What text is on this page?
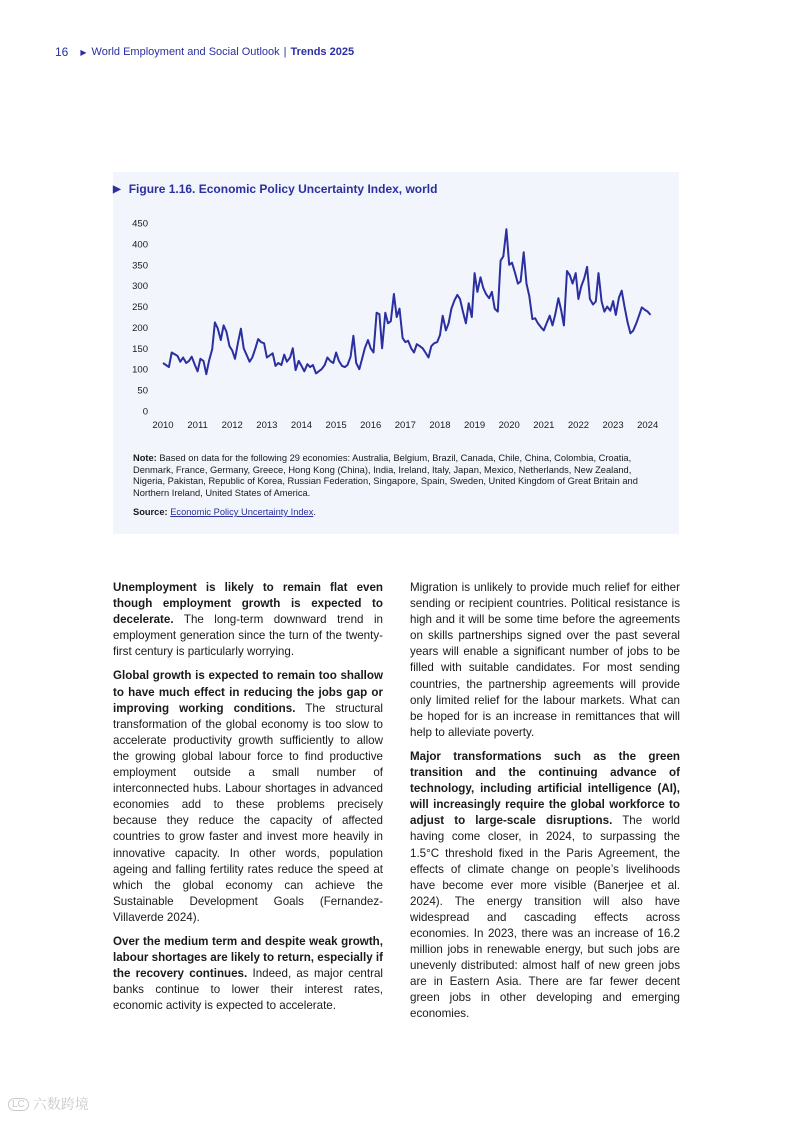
16 ▶ World Employment and Social Outlook | Trends 2025
▶ Figure 1.16. Economic Policy Uncertainty Index, world
0
50
100
150
200
250
300
350
400
450
2010 2011 2012 2013 2014 2015 2016 2017 2018 2019 2020 2021 2022 2023 2024
Note: Based on data for the following 29 economies: Australia, Belgium, Brazil, Canada, Chile, China, Colombia, Croatia, Denmark, France, Germany, Greece, Hong Kong (China), India, Ireland, Italy, Japan, Mexico, Netherlands, New Zealand, Nigeria, Pakistan, Republic of Korea, Russian Federation, Singapore, Spain, Sweden, United Kingdom of Great Britain and Northern Ireland, United States of America.
Source: Economic Policy Uncertainty Index.

Unemployment is likely to remain flat even though employment growth is expected to decelerate. The long-term downward trend in employment generation since the turn of the twenty-first century is particularly worrying.

Global growth is expected to remain too shallow to have much effect in reducing the jobs gap or improving working conditions. The structural transformation of the global economy is too slow to accelerate productivity growth sufficiently to allow the growing global labour force to find productive employment outside a small number of interconnected hubs. Labour shortages in advanced economies add to these problems precisely because they reduce the capacity of affected countries to grow faster and invest more heavily in innovative capacity. In other words, population ageing and falling fertility rates reduce the speed at which the global economy can achieve the Sustainable Development Goals (Fernandez-Villaverde 2024).

Over the medium term and despite weak growth, labour shortages are likely to return, especially if the recovery continues. Indeed, as major central banks continue to lower their interest rates, economic activity is expected to accelerate.

Migration is unlikely to provide much relief for either sending or recipient countries. Political resistance is high and it will be some time before the agreements on skills partnerships signed over the past several years will enable a significant number of jobs to be filled with suitable candidates. For most sending countries, the partnership agreements will provide only limited relief for the labour markets. What can be hoped for is an increase in remittances that will help to alleviate poverty.

Major transformations such as the green transition and the continuing advance of technology, including artificial intelligence (AI), will increasingly require the global workforce to adjust to large-scale disruptions. The world having come closer, in 2024, to surpassing the 1.5°C threshold fixed in the Paris Agreement, the effects of climate change on people’s livelihoods have become ever more visible (Banerjee et al. 2024). The energy transition will also have widespread and cascading effects across economies. In 2023, there was an increase of 16.2 million jobs in renewable energy, but such jobs are unevenly distributed: almost half of new green jobs are in Eastern Asia. There are far fewer decent green jobs in other developing and emerging economies.

LC 六数跨境
